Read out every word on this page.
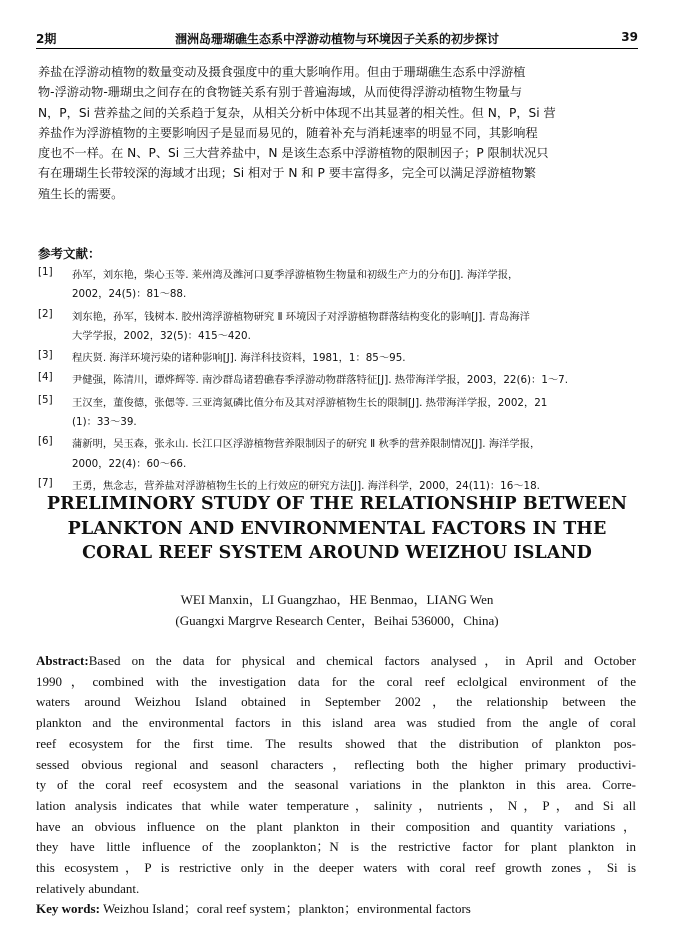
2期	涠洲岛珊瑚礁生态系中浮游动植物与环境因子关系的初步探讨	39
养盐在浮游动植物的数量变动及摄食强度中的重大影响作用。但由于珊瑚礁生态系中浮游植
物-浮游动物-珊瑚虫之间存在的食物链关系有别于普遍海域，从而使得浮游动植物生物量与
N，P，Si 营养盐之间的关系趋于复杂，从相关分析中体现不出其显著的相关性。但 N，P，Si 营
养盐作为浮游植物的主要影响因子是显而易见的，随着补充与消耗速率的明显不同，其影响程
度也不一样。在 N、P、Si 三大营养盐中，N 是该生态系中浮游植物的限制因子；P 限制状况只
有在珊瑚生长带较深的海域才出现；Si 相对于 N 和 P 要丰富得多，完全可以满足浮游植物繁
殖生长的需要。
参考文献：
[1] 孙军，刘东艳，柴心玉等. 莱州湾及潍河口夏季浮游植物生物量和初级生产力的分布[J]. 海洋学报，
2002，24(5)：81～88.
[2] 刘东艳，孙军，钱树本. 胶州湾浮游植物研究 Ⅱ 环境因子对浮游植物群落结构变化的影响[J]. 青岛海洋
大学学报，2002，32(5)：415～420.
[3] 程庆贤. 海洋环境污染的诸种影响[J]. 海洋科技资料，1981，1：85～95.
[4] 尹健强，陈清川，谭烨辉等. 南沙群岛诸碧礁春季浮游动物群落特征[J]. 热带海洋学报，2003，22(6)：1～7.
[5] 王汉奎，董俊德，张偲等. 三亚湾氮磷比值分布及其对浮游植物生长的限制[J]. 热带海洋学报，2002，21
(1)：33～39.
[6] 蒲新明，吴玉森，张永山. 长江口区浮游植物营养限制因子的研究 Ⅱ 秋季的营养限制情况[J]. 海洋学报，
2000，22(4)：60～66.
[7] 王勇，焦念志，营养盐对浮游植物生长的上行效应的研究方法[J]. 海洋科学，2000，24(11)：16～18.
PRELIMINORY STUDY OF THE RELATIONSHIP BETWEEN
PLANKTON AND ENVIRONMENTAL FACTORS IN THE
CORAL REEF SYSTEM AROUND WEIZHOU ISLAND
WEI Manxin，LI Guangzhao，HE Benmao，LIANG Wen
(Guangxi Margrve Research Center，Beihai 536000，China)
Abstract:Based on the data for physical and chemical factors analysed，in April and October
1990，combined with the investigation data for the coral reef eclolgical environment of the
waters around Weizhou Island obtained in September 2002，the relationship between the
plankton and the environmental factors in this island area was studied from the angle of coral
reef ecosystem for the first time. The results showed that the distribution of plankton pos-
sessed obvious regional and seasonl characters，reflecting both the higher primary productivi-
ty of the coral reef ecosystem and the seasonal variations in the plankton in this area. Corre-
lation analysis indicates that while water temperature，salinity，nutrients，N，P，and Si all
have an obvious influence on the plant plankton in their composition and quantity variations，
they have little influence of the zooplankton；N is the restrictive factor for plant plankton in
this ecosystem，P is restrictive only in the deeper waters with coral reef growth zones，Si is
relatively abundant.
Key words: Weizhou Island；coral reef system；plankton；environmental factors
